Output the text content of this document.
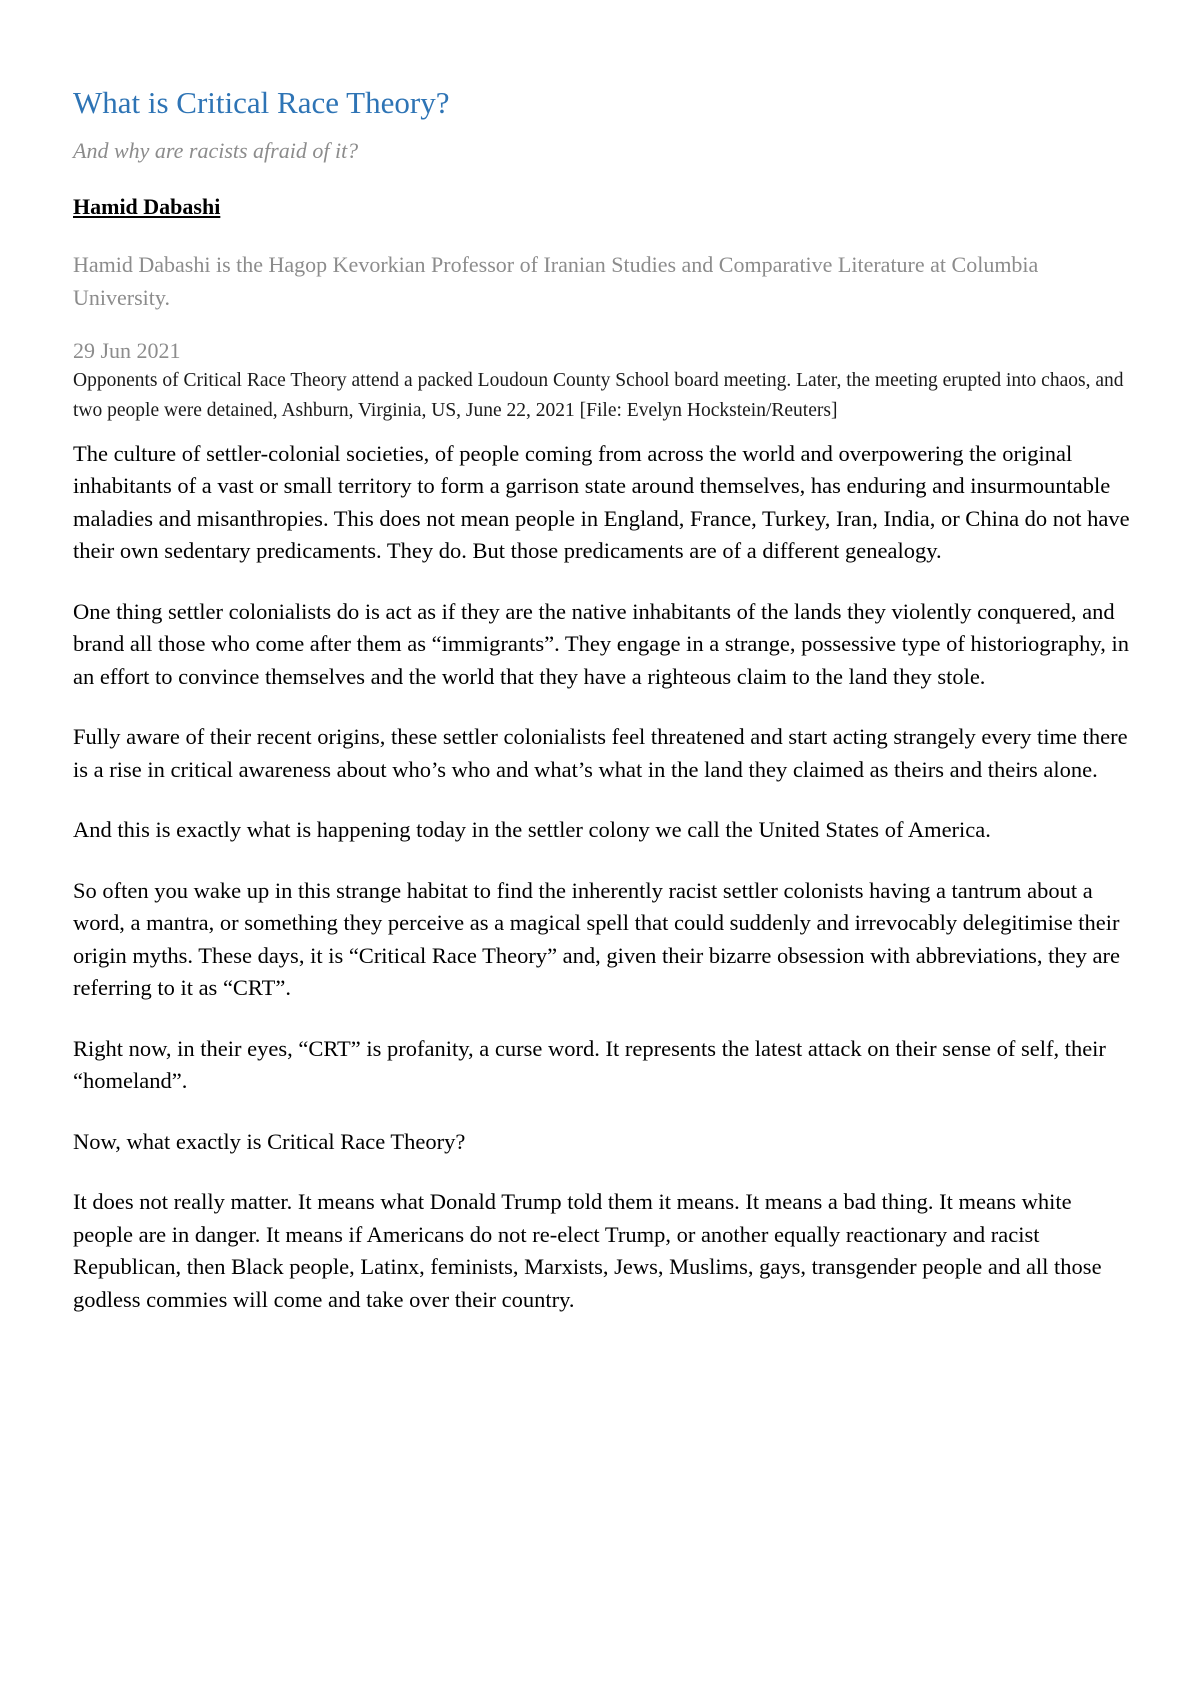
What is Critical Race Theory?

And why are racists afraid of it?

Hamid Dabashi

Hamid Dabashi is the Hagop Kevorkian Professor of Iranian Studies and Comparative Literature at Columbia University.

29 Jun 2021

Opponents of Critical Race Theory attend a packed Loudoun County School board meeting. Later, the meeting erupted into chaos, and two people were detained, Ashburn, Virginia, US, June 22, 2021 [File: Evelyn Hockstein/Reuters]

The culture of settler-colonial societies, of people coming from across the world and overpowering the original inhabitants of a vast or small territory to form a garrison state around themselves, has enduring and insurmountable maladies and misanthropies. This does not mean people in England, France, Turkey, Iran, India, or China do not have their own sedentary predicaments. They do. But those predicaments are of a different genealogy.

One thing settler colonialists do is act as if they are the native inhabitants of the lands they violently conquered, and brand all those who come after them as “immigrants”. They engage in a strange, possessive type of historiography, in an effort to convince themselves and the world that they have a righteous claim to the land they stole.

Fully aware of their recent origins, these settler colonialists feel threatened and start acting strangely every time there is a rise in critical awareness about who’s who and what’s what in the land they claimed as theirs and theirs alone.

And this is exactly what is happening today in the settler colony we call the United States of America.

So often you wake up in this strange habitat to find the inherently racist settler colonists having a tantrum about a word, a mantra, or something they perceive as a magical spell that could suddenly and irrevocably delegitimise their origin myths. These days, it is “Critical Race Theory” and, given their bizarre obsession with abbreviations, they are referring to it as “CRT”.

Right now, in their eyes, “CRT” is profanity, a curse word. It represents the latest attack on their sense of self, their “homeland”.

Now, what exactly is Critical Race Theory?

It does not really matter. It means what Donald Trump told them it means. It means a bad thing. It means white people are in danger. It means if Americans do not re-elect Trump, or another equally reactionary and racist Republican, then Black people, Latinx, feminists, Marxists, Jews, Muslims, gays, transgender people and all those godless commies will come and take over their country.
